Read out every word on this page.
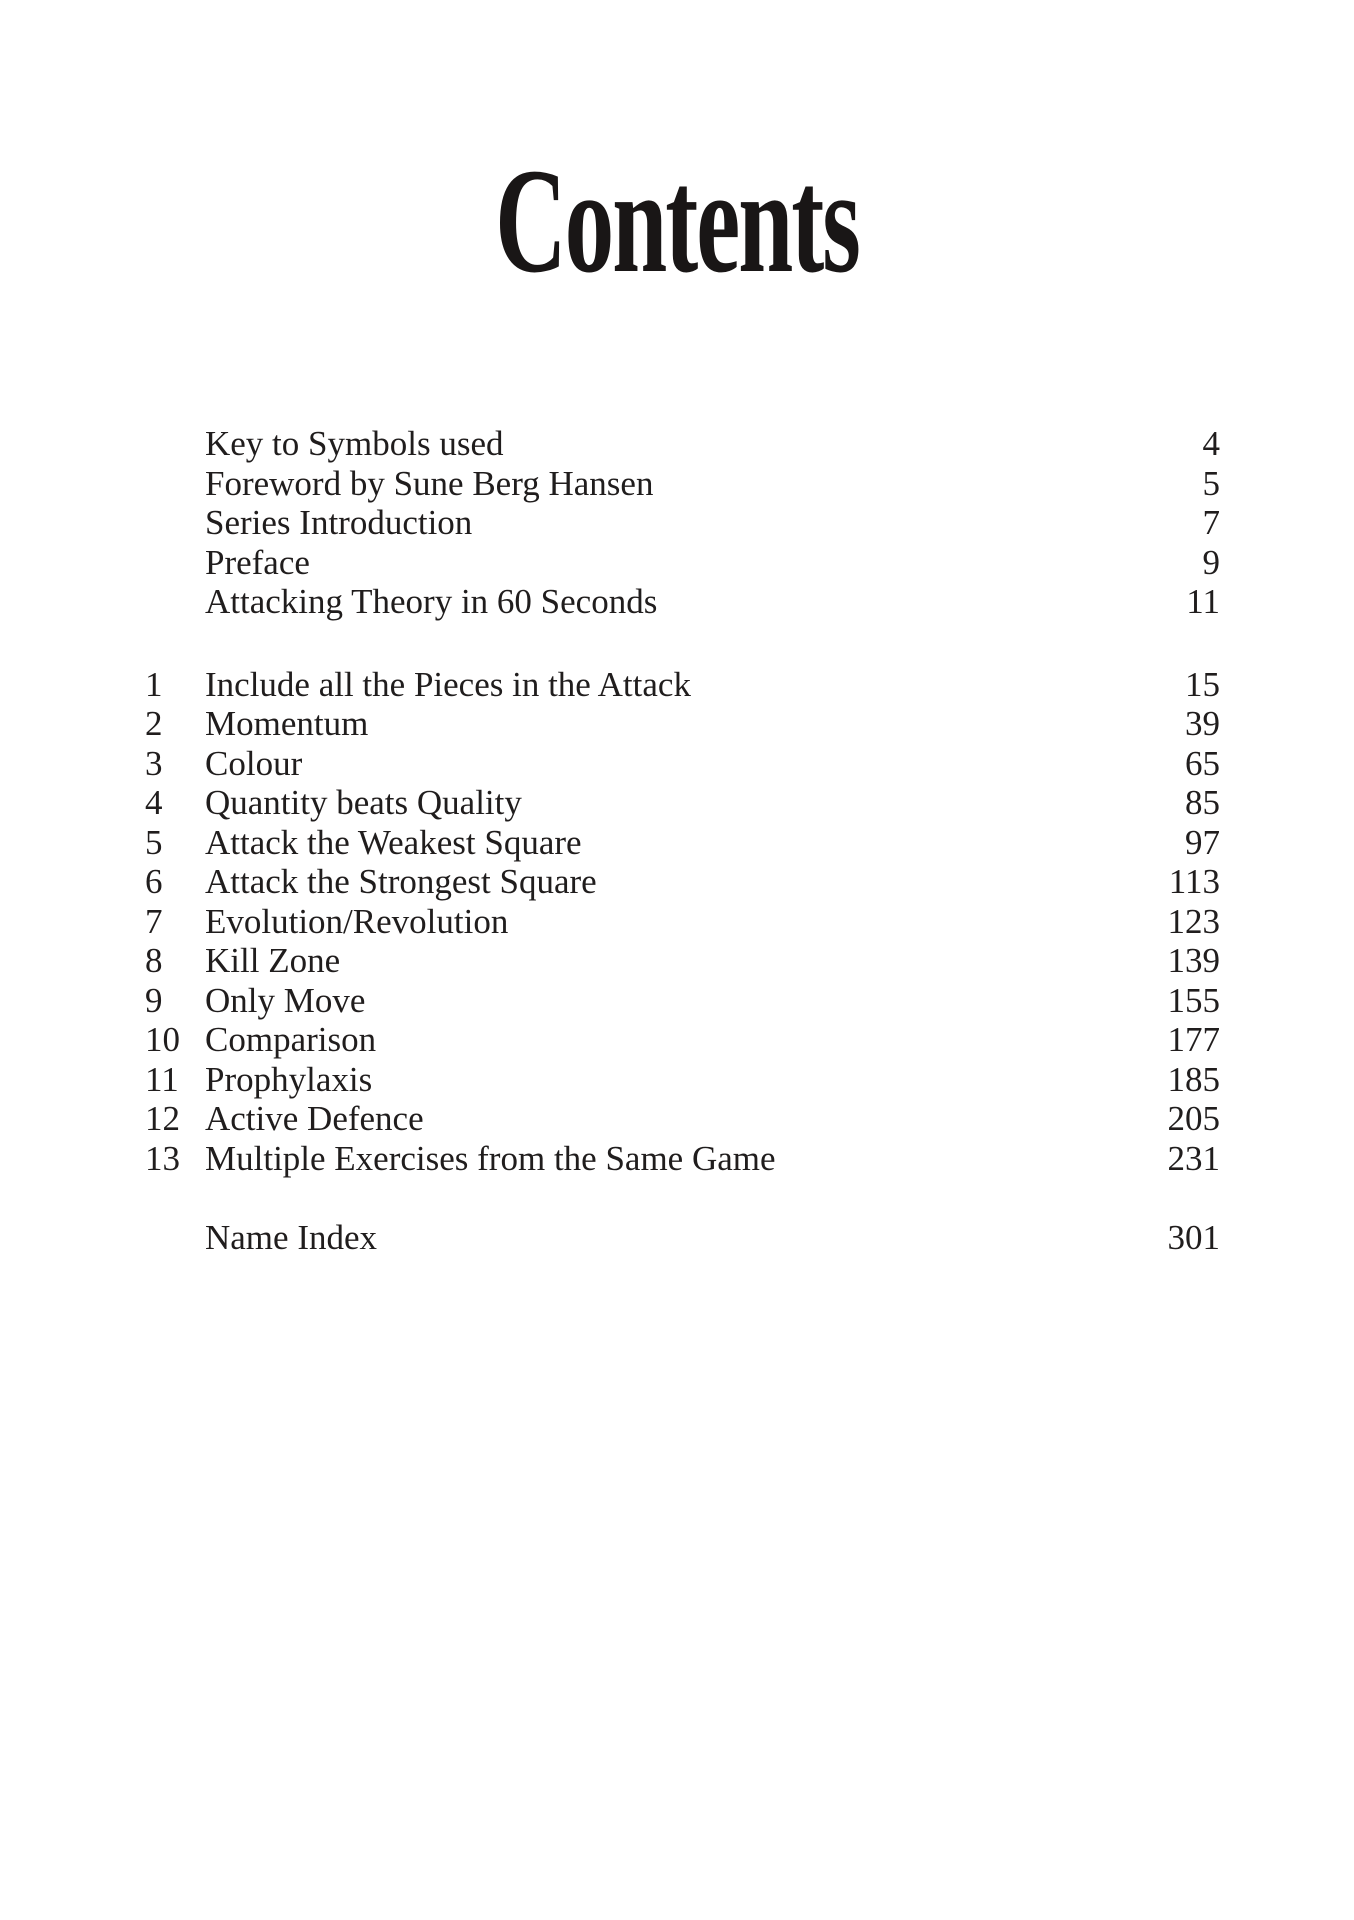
Contents
Key to Symbols used	4
Foreword by Sune Berg Hansen	5
Series Introduction	7
Preface	9
Attacking Theory in 60 Seconds	11
1	Include all the Pieces in the Attack	15
2	Momentum	39
3	Colour	65
4	Quantity beats Quality	85
5	Attack the Weakest Square	97
6	Attack the Strongest Square	113
7	Evolution/Revolution	123
8	Kill Zone	139
9	Only Move	155
10 Comparison	177
11 Prophylaxis	185
12 Active Defence	205
13 Multiple Exercises from the Same Game	231
Name Index	301
